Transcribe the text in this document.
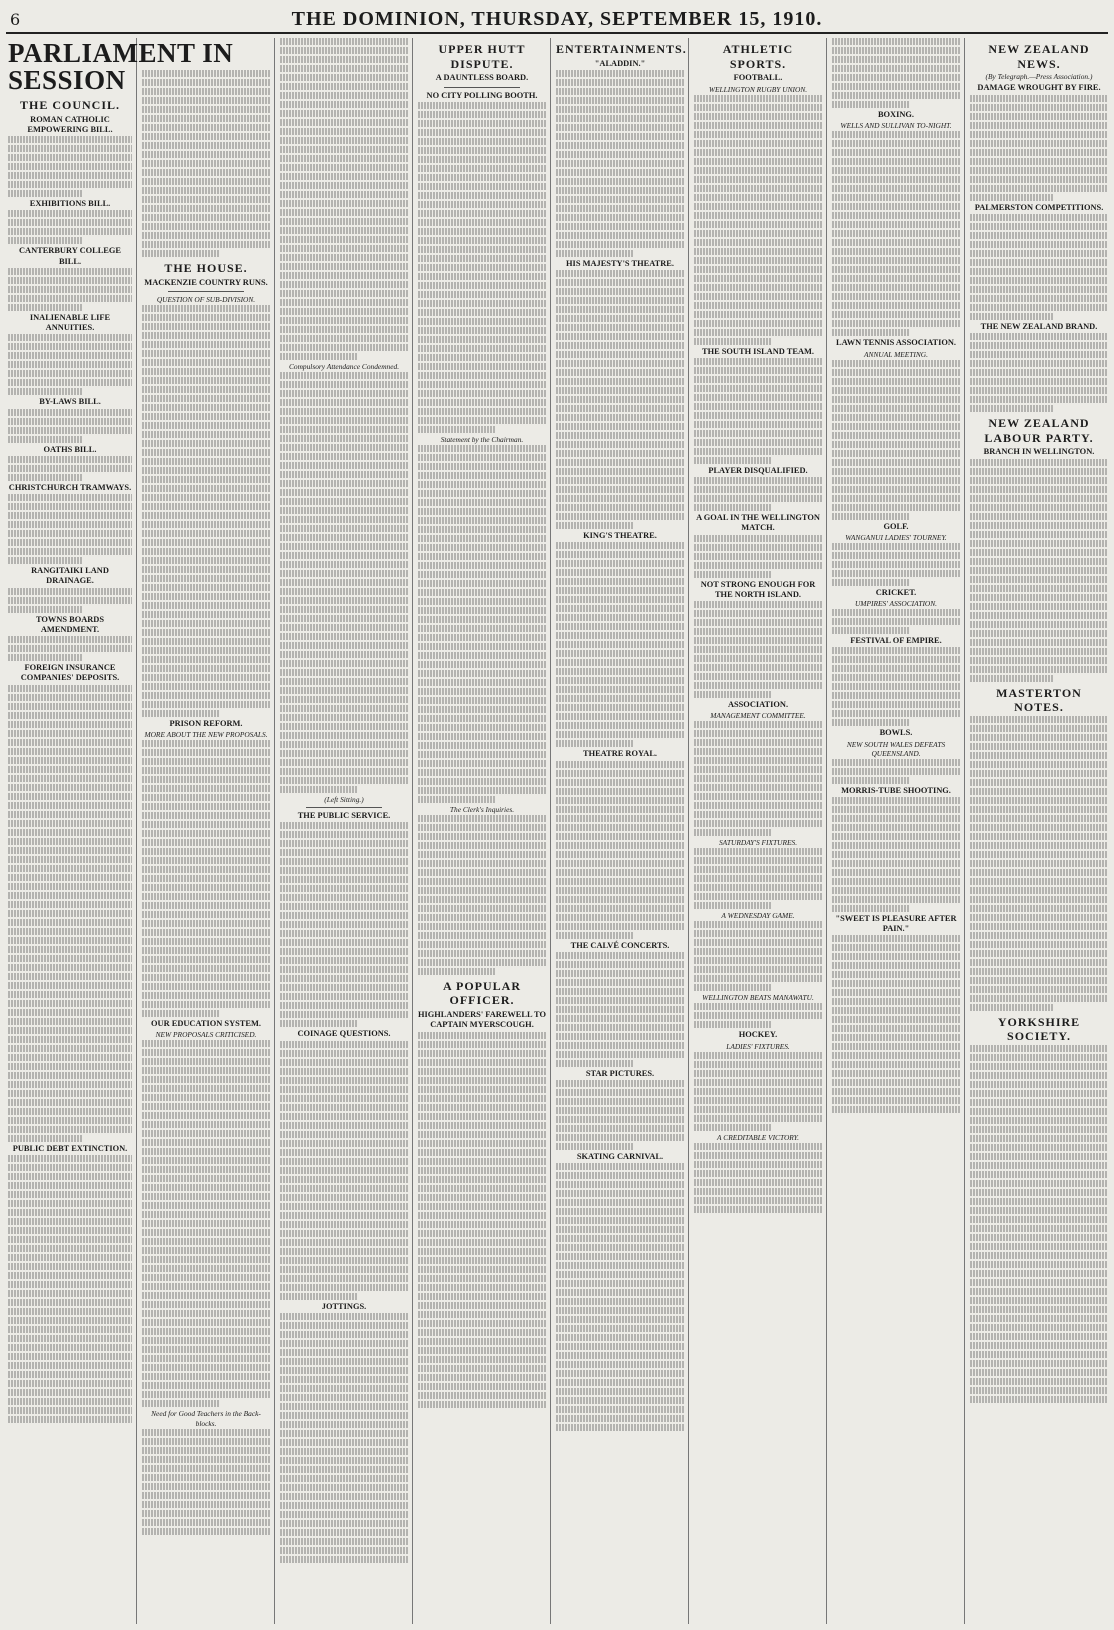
6	THE DOMINION, THURSDAY, SEPTEMBER 15, 1910.
PARLIAMENT IN SESSION
THE COUNCIL.
ROMAN CATHOLIC EMPOWERING BILL.
EXHIBITIONS BILL.
CANTERBURY COLLEGE BILL.
INALIENABLE LIFE ANNUITIES.
BY-LAWS BILL.
OATHS BILL.
CHRISTCHURCH TRAMWAYS.
RANGITAIKI LAND DRAINAGE.
TOWNS BOARDS AMENDMENT.
FOREIGN INSURANCE COMPANIES' DEPOSITS.
PUBLIC DEBT EXTINCTION.
THE HOUSE.
MACKENZIE COUNTRY RUNS.
QUESTION OF SUB-DIVISION.
PRISON REFORM.
MORE ABOUT THE NEW PROPOSALS.
OUR EDUCATION SYSTEM.
NEW PROPOSALS CRITICISED.
Need for Good Teachers in the Back-blocks.
Compulsory Attendance Condemned.
(Left Sitting.)
THE PUBLIC SERVICE.
COINAGE QUESTIONS.
JOTTINGS.
UPPER HUTT DISPUTE.
A DAUNTLESS BOARD.
NO CITY POLLING BOOTH.
Statement by the Chairman.
The Clerk's Inquiries.
A POPULAR OFFICER.
HIGHLANDERS' FAREWELL TO CAPTAIN MYERSCOUGH.
ENTERTAINMENTS.
"ALADDIN."
HIS MAJESTY'S THEATRE.
KING'S THEATRE.
THEATRE ROYAL.
THE CALVÉ CONCERTS.
STAR PICTURES.
SKATING CARNIVAL.
ATHLETIC SPORTS.
FOOTBALL.
WELLINGTON RUGBY UNION.
THE SOUTH ISLAND TEAM.
PLAYER DISQUALIFIED.
A GOAL IN THE WELLINGTON MATCH.
NOT STRONG ENOUGH FOR THE NORTH ISLAND.
ASSOCIATION.
MANAGEMENT COMMITTEE.
SATURDAY'S FIXTURES.
A WEDNESDAY GAME.
WELLINGTON BEATS MANAWATU.
HOCKEY.
LADIES' FIXTURES.
A CREDITABLE VICTORY.
BOXING.
WELLS AND SULLIVAN TO-NIGHT.
LAWN TENNIS ASSOCIATION.
ANNUAL MEETING.
GOLF.
WANGANUI LADIES' TOURNEY.
CRICKET.
UMPIRES' ASSOCIATION.
FESTIVAL OF EMPIRE.
BOWLS.
NEW SOUTH WALES DEFEATS QUEENSLAND.
MORRIS-TUBE SHOOTING.
"SWEET IS PLEASURE AFTER PAIN."
NEW ZEALAND NEWS.
(By Telegraph.—Press Association.)
DAMAGE WROUGHT BY FIRE.
PALMERSTON COMPETITIONS.
THE NEW ZEALAND BRAND.
NEW ZEALAND LABOUR PARTY.
BRANCH IN WELLINGTON.
MASTERTON NOTES.
YORKSHIRE SOCIETY.
